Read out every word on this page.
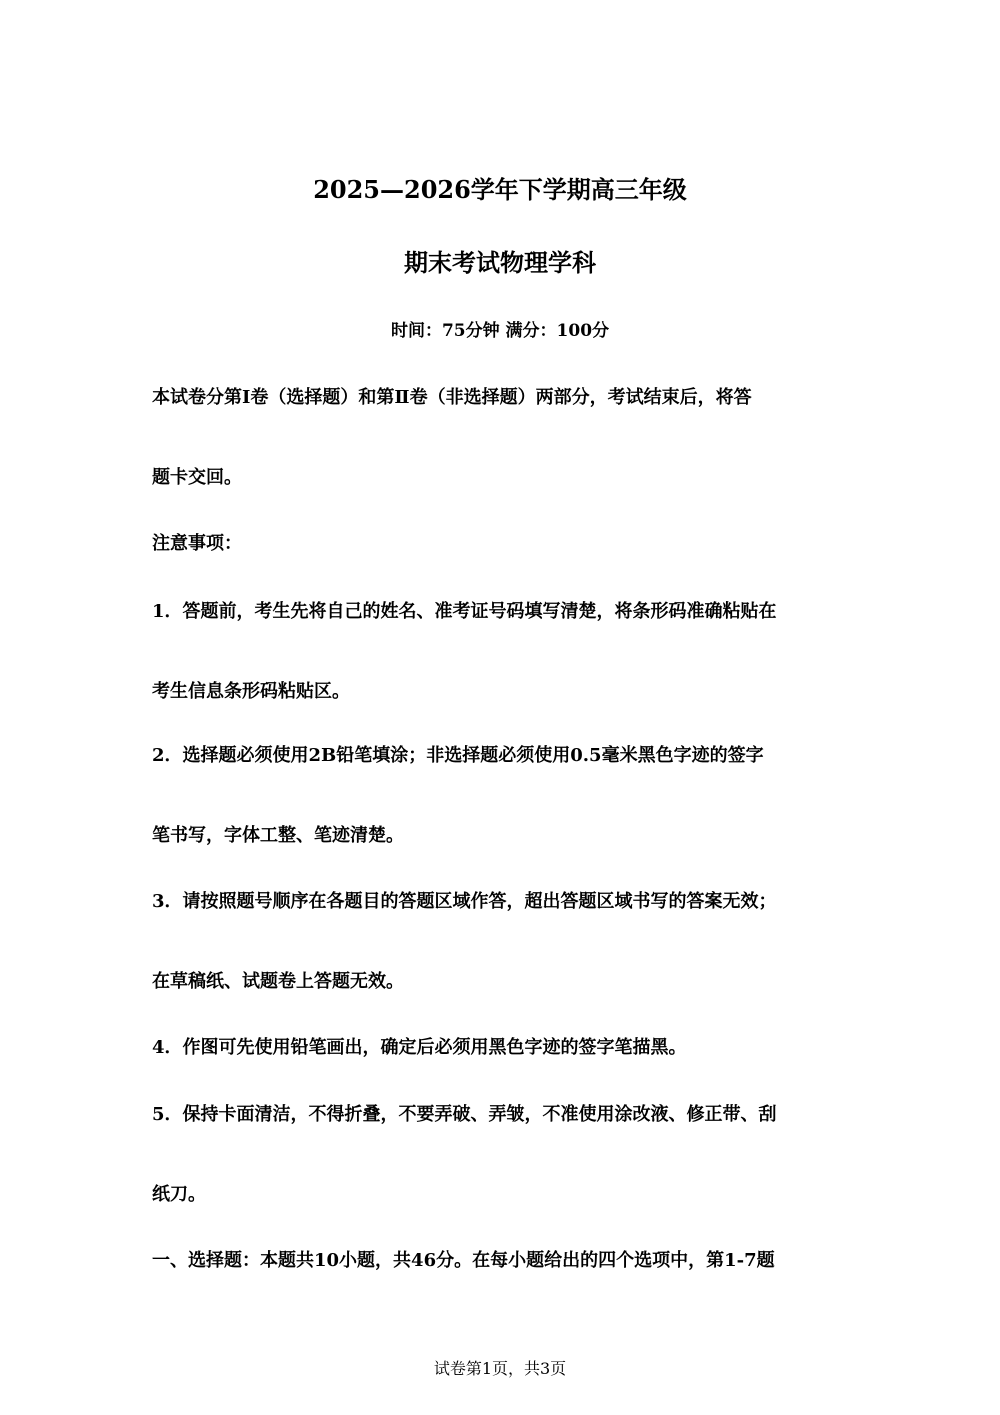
2025—2026学年下学期高三年级
期末考试物理学科
时间：75分钟 满分：100分
本试卷分第Ⅰ卷（选择题）和第Ⅱ卷（非选择题）两部分，考试结束后，将答
题卡交回。
注意事项：
1．答题前，考生先将自己的姓名、准考证号码填写清楚，将条形码准确粘贴在
考生信息条形码粘贴区。
2．选择题必须使用2B铅笔填涂；非选择题必须使用0.5毫米黑色字迹的签字
笔书写，字体工整、笔迹清楚。
3．请按照题号顺序在各题目的答题区域作答，超出答题区域书写的答案无效；
在草稿纸、试题卷上答题无效。
4．作图可先使用铅笔画出，确定后必须用黑色字迹的签字笔描黑。
5．保持卡面清洁，不得折叠，不要弄破、弄皱，不准使用涂改液、修正带、刮
纸刀。
一、选择题：本题共10小题，共46分。在每小题给出的四个选项中，第1-7题
试卷第1页，共3页
